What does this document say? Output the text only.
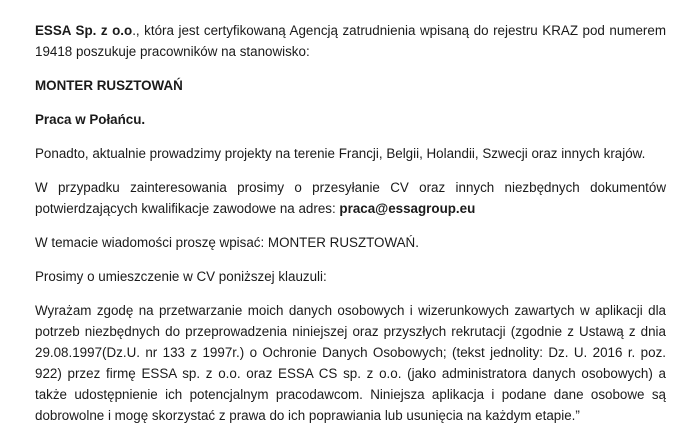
ESSA Sp. z o.o., która jest certyfikowaną Agencją zatrudnienia wpisaną do rejestru KRAZ pod numerem 19418 poszukuje pracowników na stanowisko:

MONTER RUSZTOWAŃ

Praca w Połańcu.

Ponadto, aktualnie prowadzimy projekty na terenie Francji, Belgii, Holandii, Szwecji oraz innych krajów.

W przypadku zainteresowania prosimy o przesyłanie CV oraz innych niezbędnych dokumentów potwierdzających kwalifikacje zawodowe na adres: praca@essagroup.eu

W temacie wiadomości proszę wpisać: MONTER RUSZTOWAŃ.

Prosimy o umieszczenie w CV poniższej klauzuli:

Wyrażam zgodę na przetwarzanie moich danych osobowych i wizerunkowych zawartych w aplikacji dla potrzeb niezbędnych do przeprowadzenia niniejszej oraz przyszłych rekrutacji (zgodnie z Ustawą z dnia 29.08.1997(Dz.U. nr 133 z 1997r.) o Ochronie Danych Osobowych; (tekst jednolity: Dz. U. 2016 r. poz. 922) przez firmę ESSA sp. z o.o. oraz ESSA CS sp. z o.o. (jako administratora danych osobowych) a także udostępnienie ich potencjalnym pracodawcom. Niniejsza aplikacja i podane dane osobowe są dobrowolne i mogę skorzystać z prawa do ich poprawiania lub usunięcia na każdym etapie.”
